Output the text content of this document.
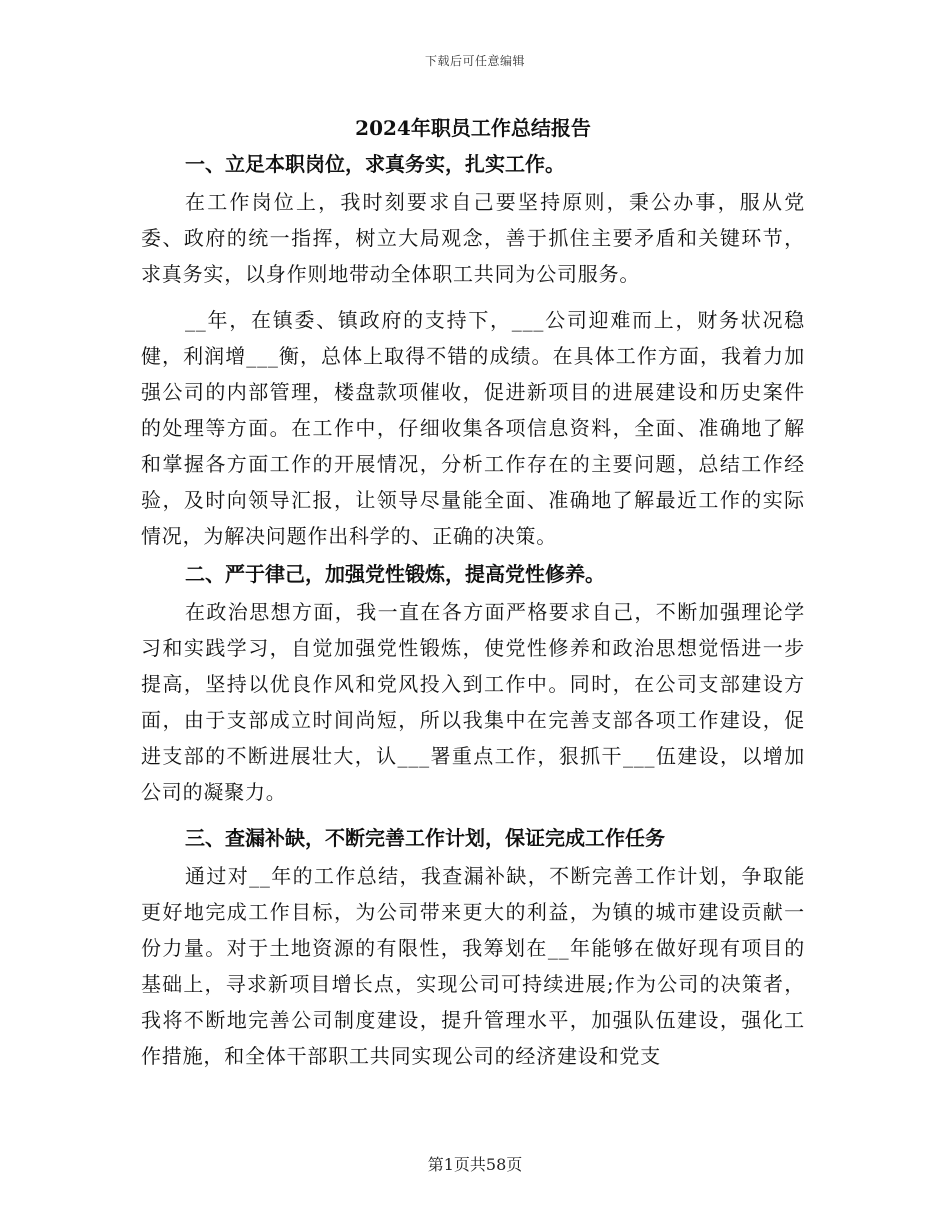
下载后可任意编辑
2024年职员工作总结报告

一、立足本职岗位，求真务实，扎实工作。

在工作岗位上，我时刻要求自己要坚持原则，秉公办事，服从党委、政府的统一指挥，树立大局观念，善于抓住主要矛盾和关键环节，求真务实，以身作则地带动全体职工共同为公司服务。

__年，在镇委、镇政府的支持下，___公司迎难而上，财务状况稳健，利润增___衡，总体上取得不错的成绩。在具体工作方面，我着力加强公司的内部管理，楼盘款项催收，促进新项目的进展建设和历史案件的处理等方面。在工作中，仔细收集各项信息资料，全面、准确地了解和掌握各方面工作的开展情况，分析工作存在的主要问题，总结工作经验，及时向领导汇报，让领导尽量能全面、准确地了解最近工作的实际情况，为解决问题作出科学的、正确的决策。

二、严于律己，加强党性锻炼，提高党性修养。

在政治思想方面，我一直在各方面严格要求自己，不断加强理论学习和实践学习，自觉加强党性锻炼，使党性修养和政治思想觉悟进一步提高，坚持以优良作风和党风投入到工作中。同时，在公司支部建设方面，由于支部成立时间尚短，所以我集中在完善支部各项工作建设，促进支部的不断进展壮大，认___署重点工作，狠抓干___伍建设，以增加公司的凝聚力。

三、查漏补缺，不断完善工作计划，保证完成工作任务

通过对__年的工作总结，我查漏补缺，不断完善工作计划，争取能更好地完成工作目标，为公司带来更大的利益，为镇的城市建设贡献一份力量。对于土地资源的有限性，我筹划在__年能够在做好现有项目的基础上，寻求新项目增长点，实现公司可持续进展;作为公司的决策者，我将不断地完善公司制度建设，提升管理水平，加强队伍建设，强化工作措施，和全体干部职工共同实现公司的经济建设和党支

第1页共58页
